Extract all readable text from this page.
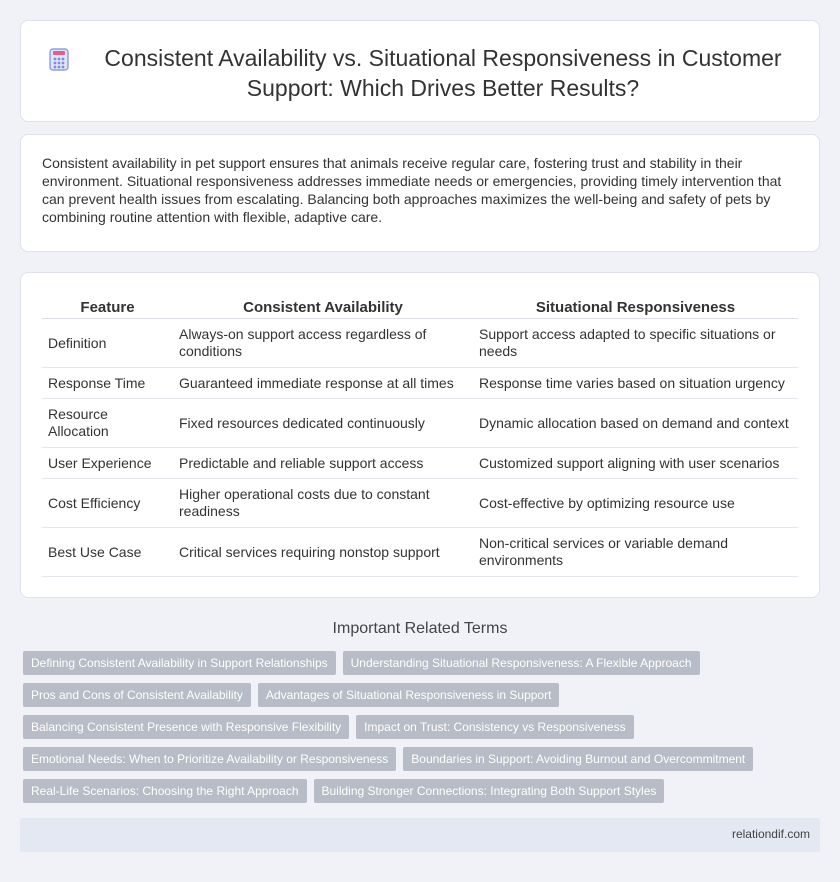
Consistent Availability vs. Situational Responsiveness in Customer Support: Which Drives Better Results?

Consistent availability in pet support ensures that animals receive regular care, fostering trust and stability in their environment. Situational responsiveness addresses immediate needs or emergencies, providing timely intervention that can prevent health issues from escalating. Balancing both approaches maximizes the well-being and safety of pets by combining routine attention with flexible, adaptive care.

Feature	Consistent Availability	Situational Responsiveness
Definition	Always-on support access regardless of conditions	Support access adapted to specific situations or needs
Response Time	Guaranteed immediate response at all times	Response time varies based on situation urgency
Resource Allocation	Fixed resources dedicated continuously	Dynamic allocation based on demand and context
User Experience	Predictable and reliable support access	Customized support aligning with user scenarios
Cost Efficiency	Higher operational costs due to constant readiness	Cost-effective by optimizing resource use
Best Use Case	Critical services requiring nonstop support	Non-critical services or variable demand environments
Important Related Terms
Defining Consistent Availability in Support Relationships	Understanding Situational Responsiveness: A Flexible Approach
Pros and Cons of Consistent Availability	Advantages of Situational Responsiveness in Support
Balancing Consistent Presence with Responsive Flexibility	Impact on Trust: Consistency vs Responsiveness
Emotional Needs: When to Prioritize Availability or Responsiveness	Boundaries in Support: Avoiding Burnout and Overcommitment
Real-Life Scenarios: Choosing the Right Approach	Building Stronger Connections: Integrating Both Support Styles
relationdif.com
